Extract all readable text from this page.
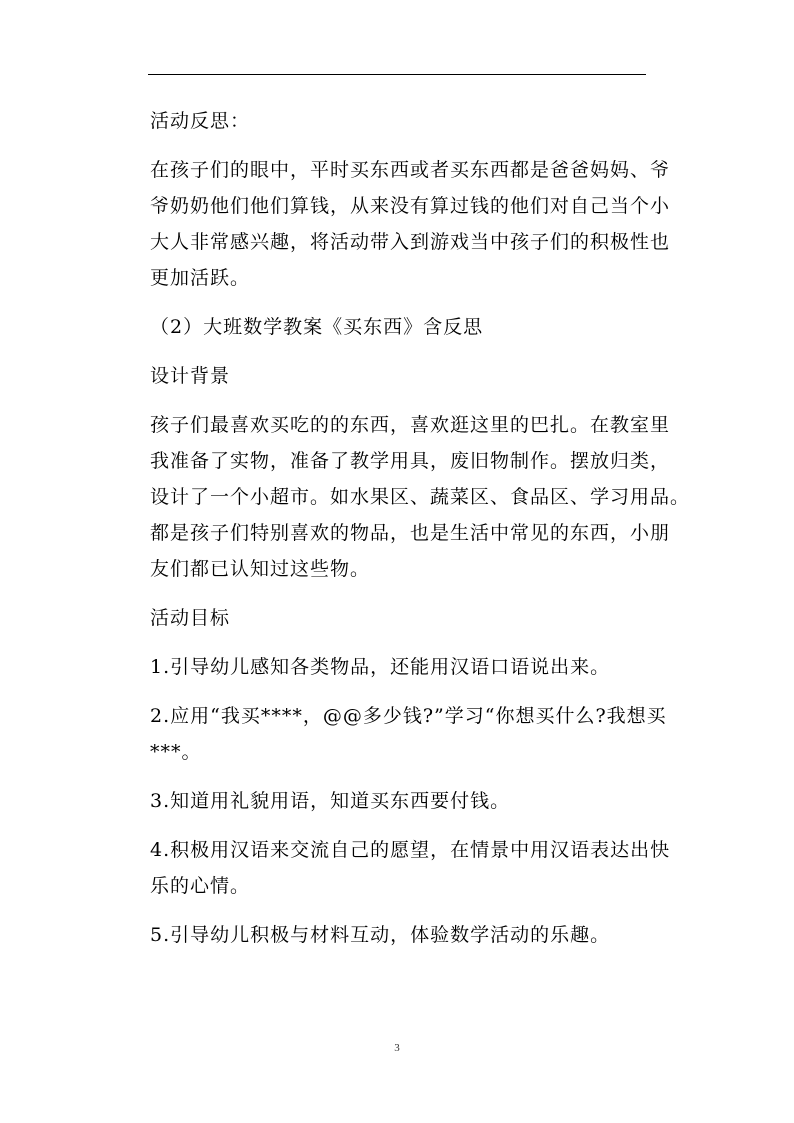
活动反思：
在孩子们的眼中，平时买东西或者买东西都是爸爸妈妈、爷
爷奶奶他们他们算钱，从来没有算过钱的他们对自己当个小
大人非常感兴趣，将活动带入到游戏当中孩子们的积极性也
更加活跃。
（2）大班数学教案《买东西》含反思
设计背景
孩子们最喜欢买吃的的东西，喜欢逛这里的巴扎。在教室里
我准备了实物，准备了教学用具，废旧物制作。摆放归类，
设计了一个小超市。如水果区、蔬菜区、食品区、学习用品。
都是孩子们特别喜欢的物品，也是生活中常见的东西，小朋
友们都已认知过这些物。
活动目标
1.引导幼儿感知各类物品，还能用汉语口语说出来。
2.应用“我买****，@@多少钱?”学习“你想买什么?我想买
***。
3.知道用礼貌用语，知道买东西要付钱。
4.积极用汉语来交流自己的愿望，在情景中用汉语表达出快
乐的心情。
5.引导幼儿积极与材料互动，体验数学活动的乐趣。
3
